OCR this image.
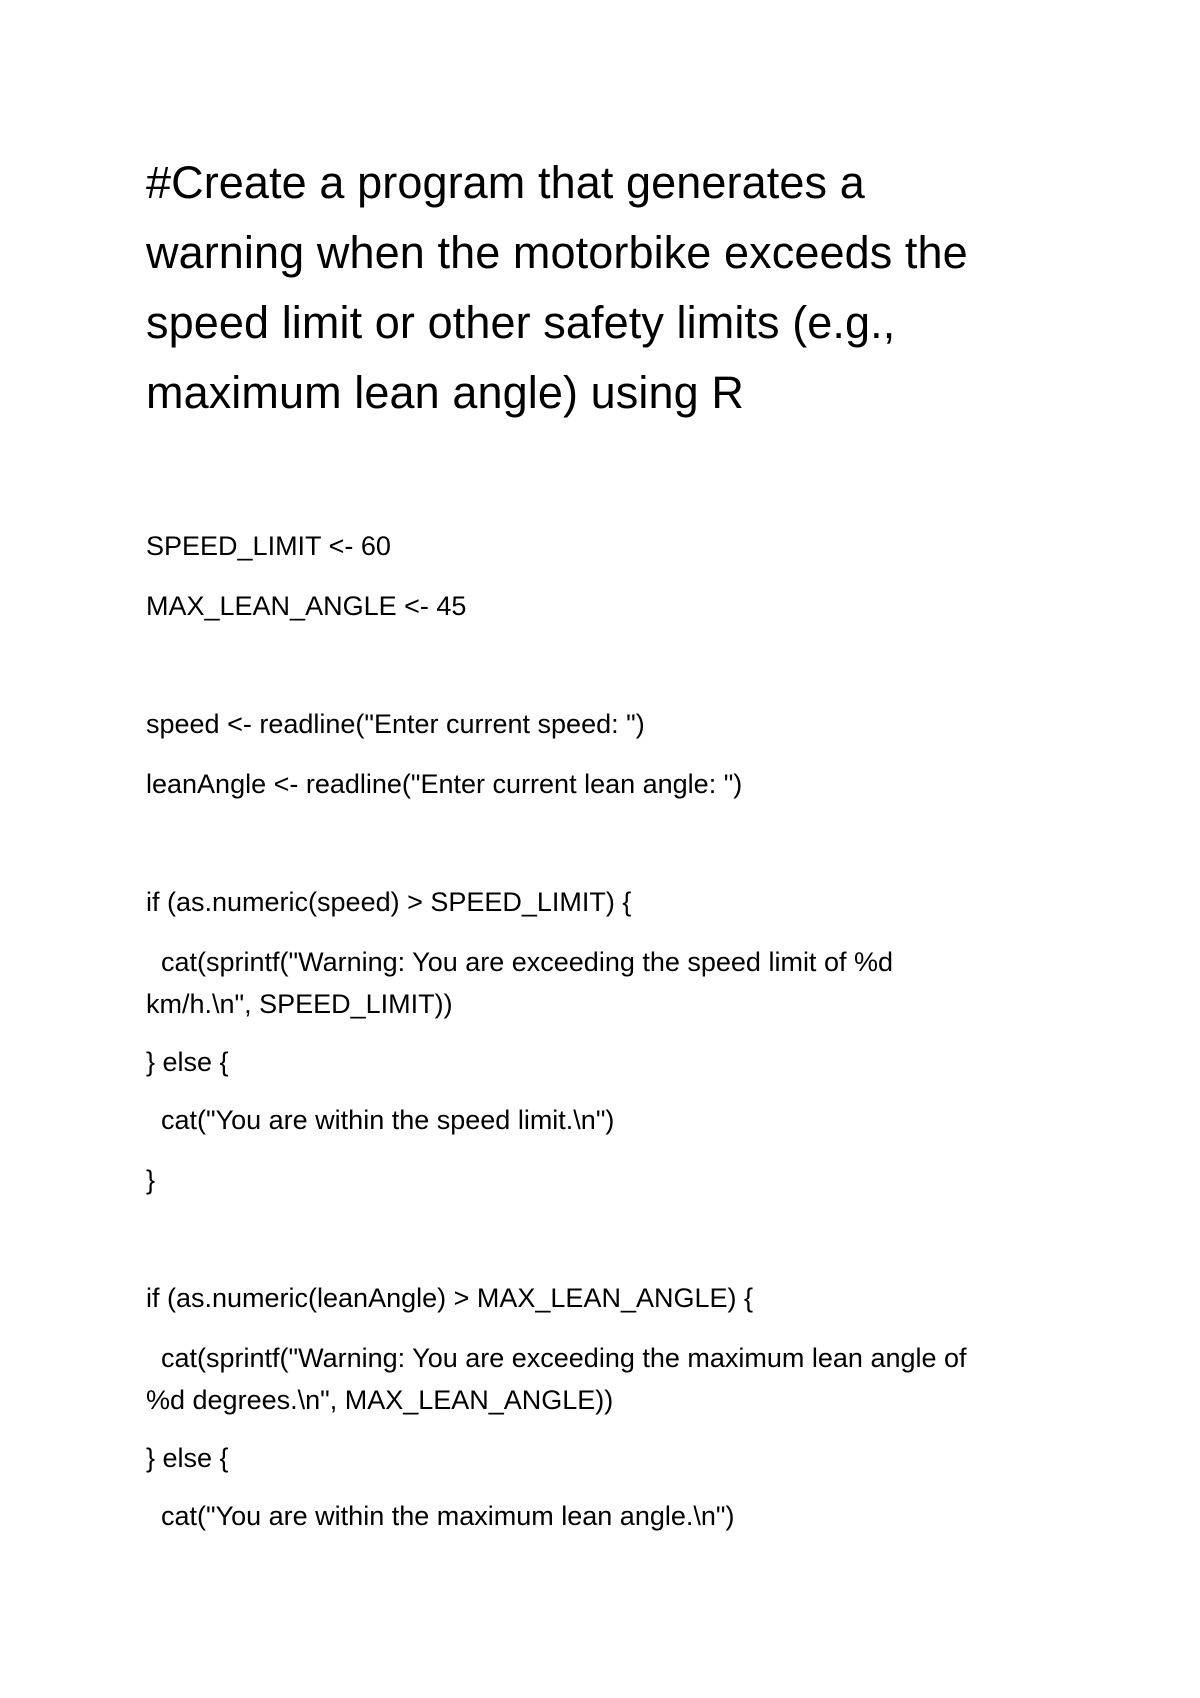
#Create a program that generates a
warning when the motorbike exceeds the
speed limit or other safety limits (e.g.,
maximum lean angle) using R
SPEED_LIMIT <- 60
MAX_LEAN_ANGLE <- 45
speed <- readline("Enter current speed: ")
leanAngle <- readline("Enter current lean angle: ")
if (as.numeric(speed) > SPEED_LIMIT) {
cat(sprintf("Warning: You are exceeding the speed limit of %d
km/h.\n", SPEED_LIMIT))
} else {
cat("You are within the speed limit.\n")
}
if (as.numeric(leanAngle) > MAX_LEAN_ANGLE) {
cat(sprintf("Warning: You are exceeding the maximum lean angle of
%d degrees.\n", MAX_LEAN_ANGLE))
} else {
cat("You are within the maximum lean angle.\n")
